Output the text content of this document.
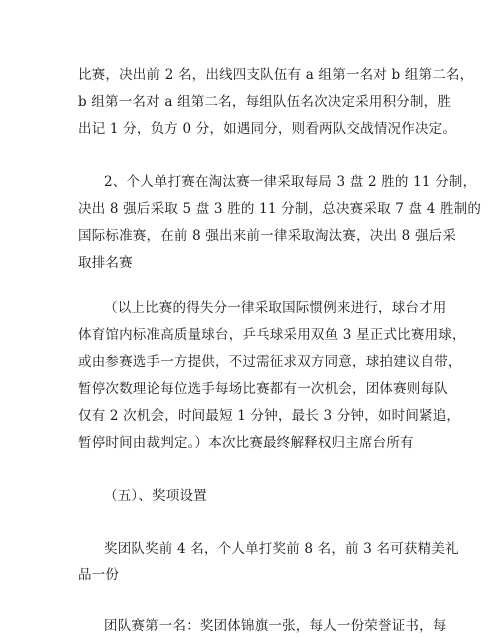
比赛，决出前 2 名，出线四支队伍有 a 组第一名对 b 组第二名，
b 组第一名对 a 组第二名，每组队伍名次决定采用积分制，胜
出记 1 分，负方 0 分，如遇同分，则看两队交战情况作决定。
2、个人单打赛在淘汰赛一律采取每局 3 盘 2 胜的 11 分制，
决出 8 强后采取 5 盘 3 胜的 11 分制，总决赛采取 7 盘 4 胜制的
国际标准赛，在前 8 强出来前一律采取淘汰赛，决出 8 强后采
取排名赛
（以上比赛的得失分一律采取国际惯例来进行，球台才用
体育馆内标准高质量球台，乒乓球采用双鱼 3 星正式比赛用球，
或由参赛选手一方提供，不过需征求双方同意，球拍建议自带，
暂停次数理论每位选手每场比赛都有一次机会，团体赛则每队
仅有 2 次机会，时间最短 1 分钟，最长 3 分钟，如时间紧追，
暂停时间由裁判定。）本次比赛最终解释权归主席台所有
（五）、奖项设置
奖团队奖前 4 名，个人单打奖前 8 名，前 3 名可获精美礼
品一份
团队赛第一名：奖团体锦旗一张，每人一份荣誉证书，每
